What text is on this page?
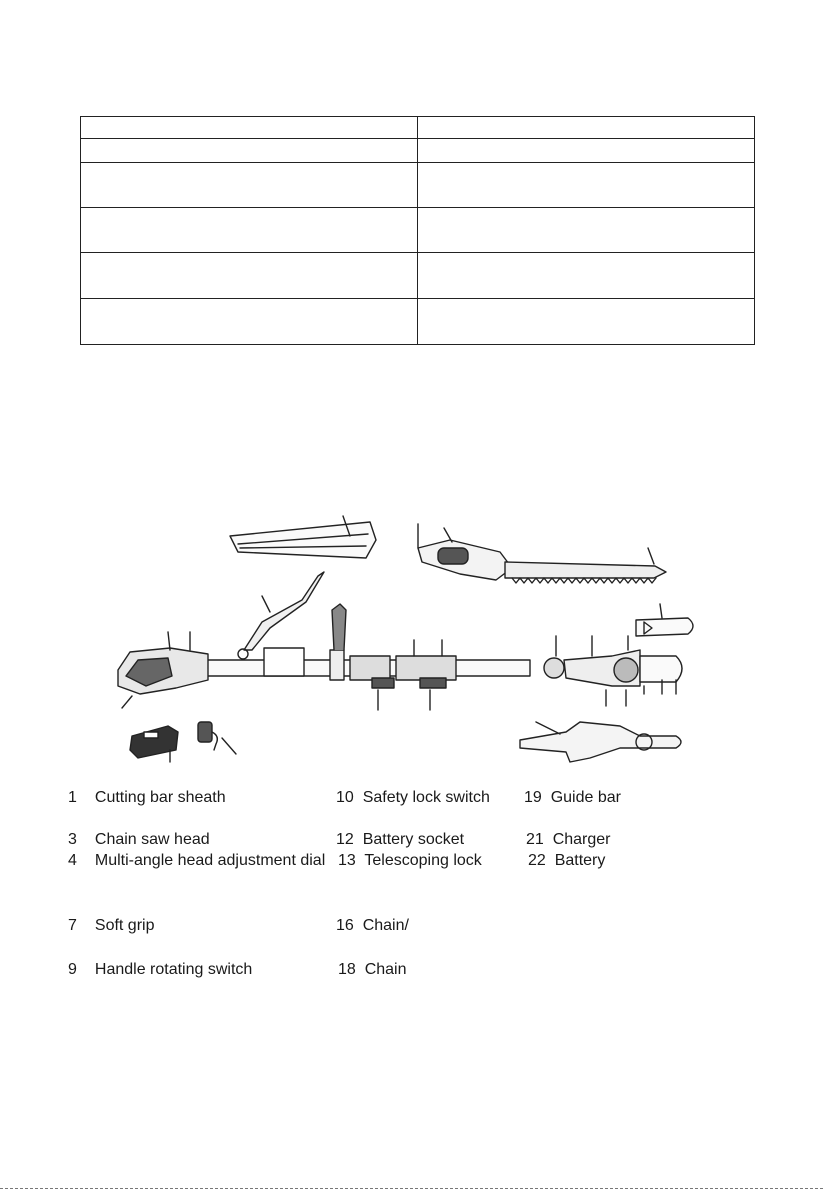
1 Cutting bar sheath
3 Chain saw head
4 Multi-angle head adjustment dial
7 Soft grip
9 Handle rotating switch
10 Safety lock switch
12 Battery socket
13 Telescoping lock
16 Chain/
18 Chain
19 Guide bar
21 Charger
22 Battery
